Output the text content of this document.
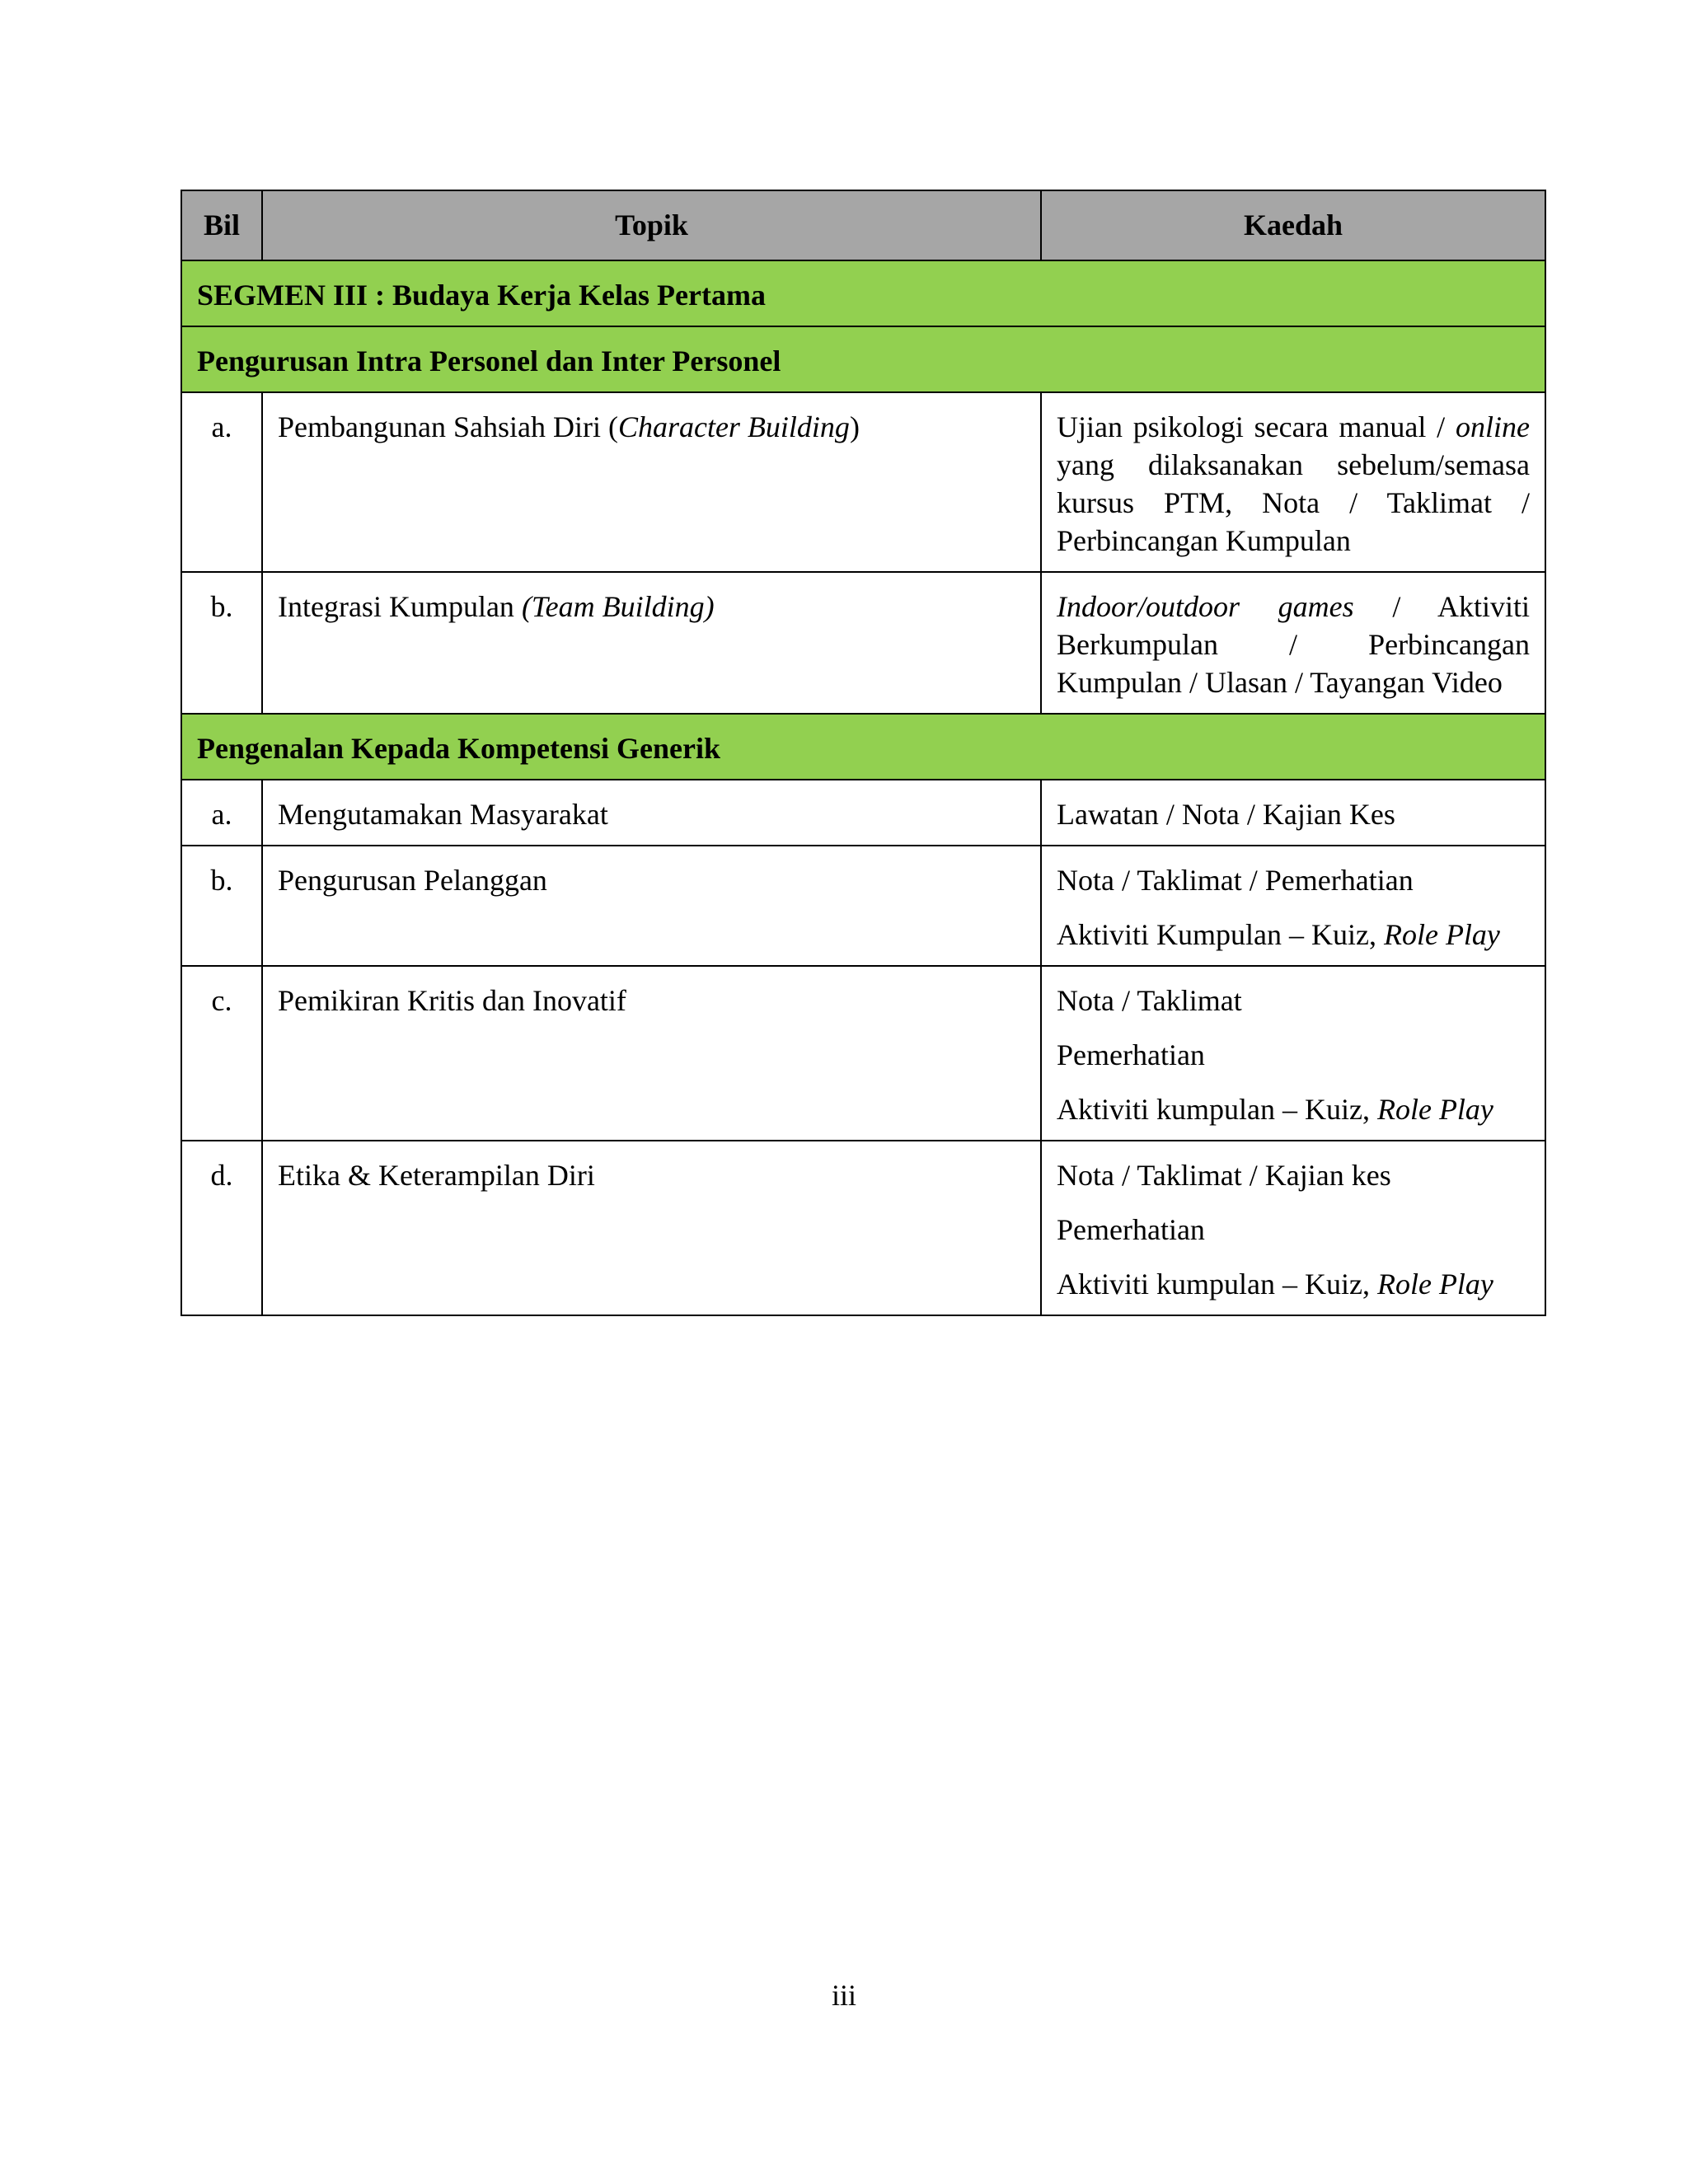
Bil	Topik	Kaedah
SEGMEN III : Budaya Kerja Kelas Pertama		
Pengurusan Intra Personel dan Inter Personel		
a.	Pembangunan Sahsiah Diri (Character Building)	Ujian psikologi secara manual / online yang dilaksanakan sebelum/semasa kursus PTM, Nota / Taklimat / Perbincangan Kumpulan
b.	Integrasi Kumpulan (Team Building)	Indoor/outdoor games / Aktiviti Berkumpulan / Perbincangan Kumpulan / Ulasan / Tayangan Video
Pengenalan Kepada Kompetensi Generik		
a.	Mengutamakan Masyarakat	Lawatan / Nota / Kajian Kes

b.	Pengurusan Pelanggan	Nota / Taklimat / Pemerhatian
Aktiviti Kumpulan – Kuiz, Role Play

c.	Pemikiran Kritis dan Inovatif	Nota / Taklimat
Pemerhatian
Aktiviti kumpulan – Kuiz, Role Play

d.	Etika & Keterampilan Diri	Nota / Taklimat / Kajian kes
Pemerhatian
Aktiviti kumpulan – Kuiz, Role Play
iii
